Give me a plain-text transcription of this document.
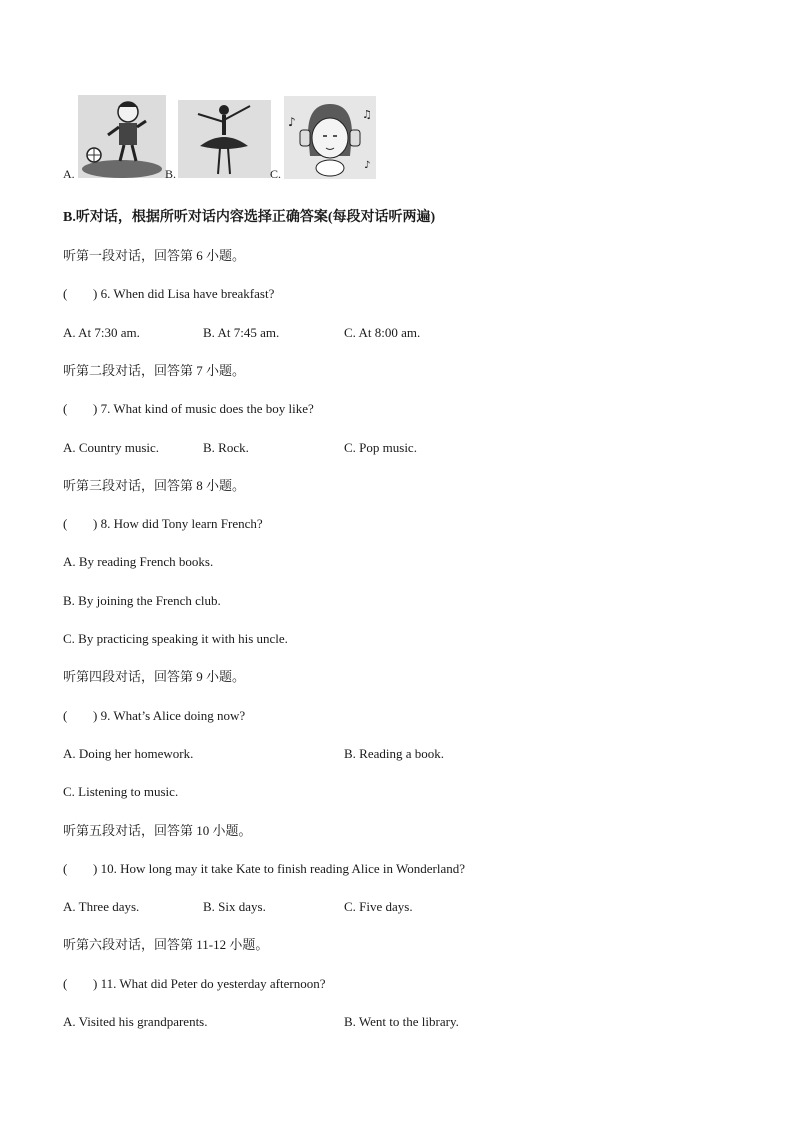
A.	B.	C.
♪
♫
♪
B.听对话，根据所听对话内容选择正确答案(每段对话听两遍)
听第一段对话，回答第 6 小题。
( ) 6. When did Lisa have breakfast?
A. At 7:30 am.	B. At 7:45 am.	C. At 8:00 am.
听第二段对话，回答第 7 小题。
( ) 7. What kind of music does the boy like?
A. Country music.	B. Rock.	C. Pop music.
听第三段对话，回答第 8 小题。
( ) 8. How did Tony learn French?
A. By reading French books.
B. By joining the French club.
C. By practicing speaking it with his uncle.
听第四段对话，回答第 9 小题。
( ) 9. What’s Alice doing now?
A. Doing her homework.	B. Reading a book.
C. Listening to music.
听第五段对话，回答第 10 小题。
( ) 10. How long may it take Kate to finish reading Alice in Wonderland?
A. Three days.	B. Six days.	C. Five days.
听第六段对话，回答第 11-12 小题。
( ) 11. What did Peter do yesterday afternoon?
A. Visited his grandparents.	B. Went to the library.
